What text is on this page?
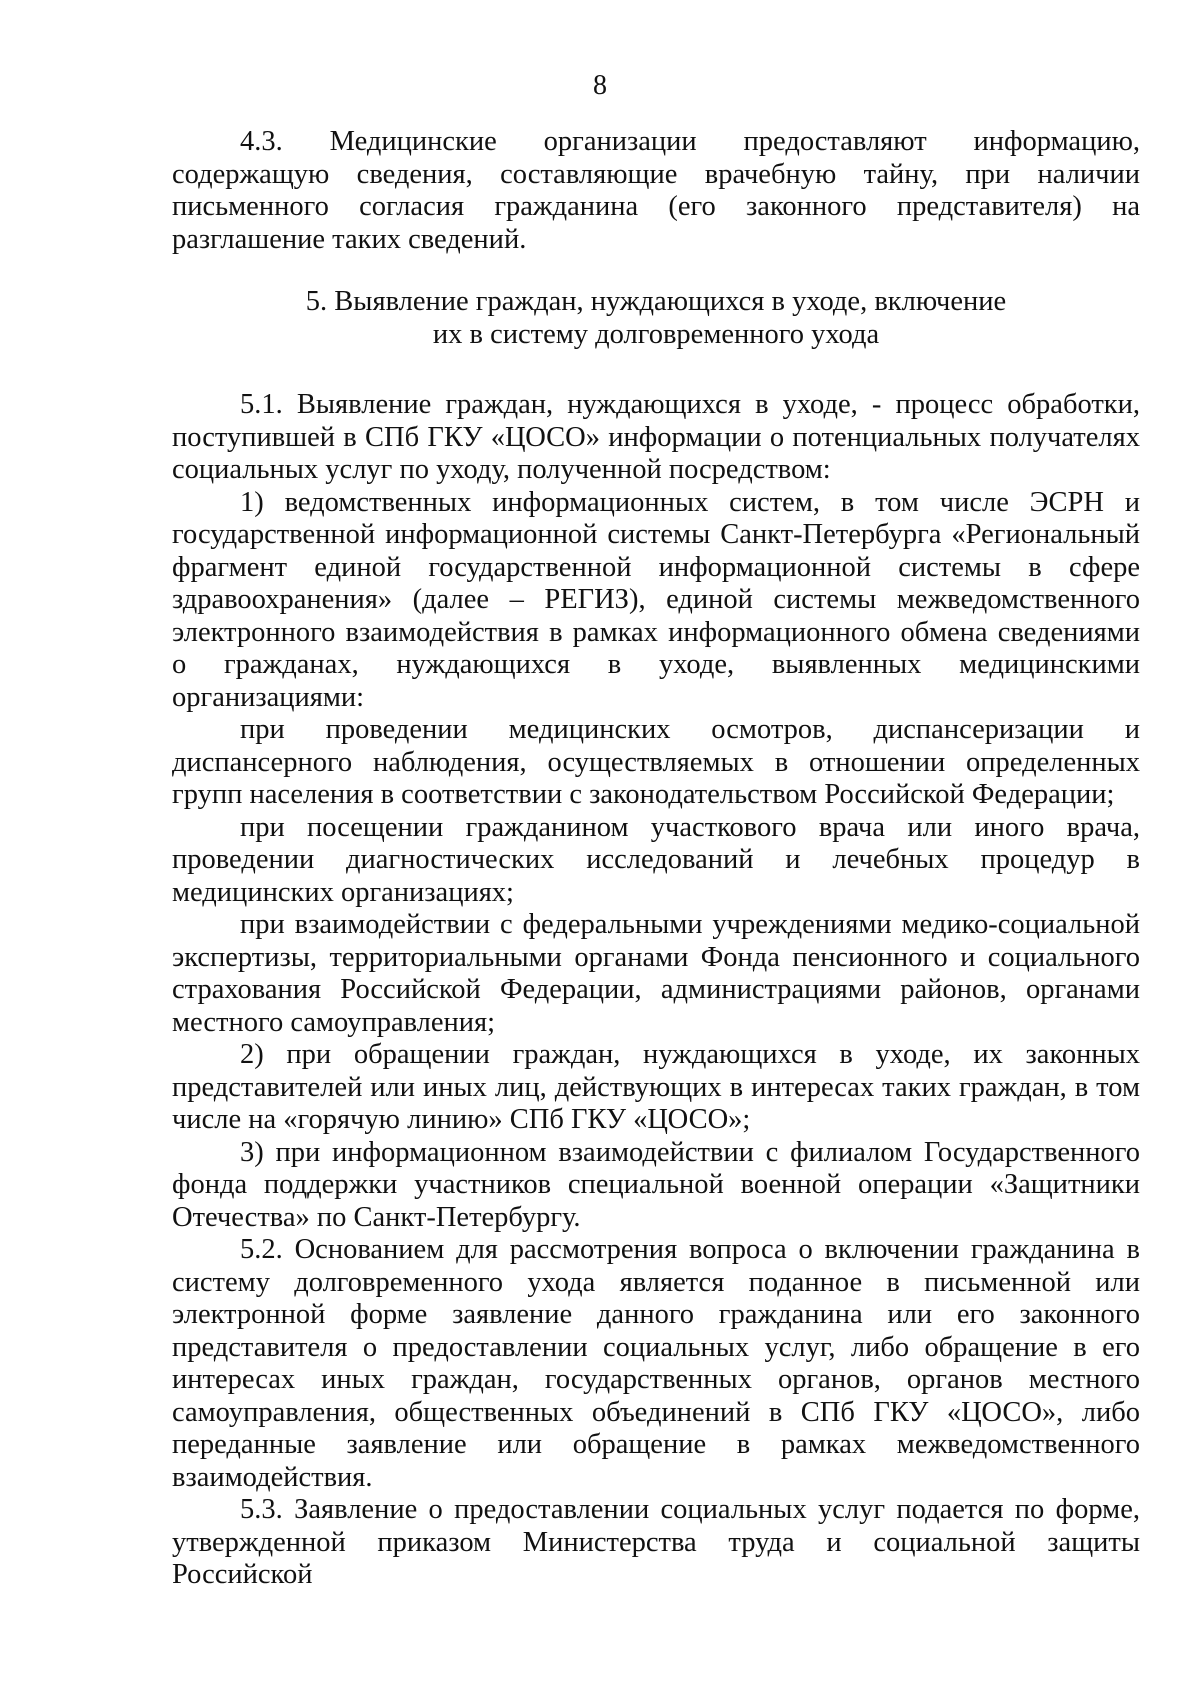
8

4.3. Медицинские организации предоставляют информацию, содержащую сведения, составляющие врачебную тайну, при наличии письменного согласия гражданина (его законного представителя) на разглашение таких сведений.

5. Выявление граждан, нуждающихся в уходе, включение
их в систему долговременного ухода

5.1. Выявление граждан, нуждающихся в уходе, - процесс обработки, поступившей в СПб ГКУ «ЦОСО» информации о потенциальных получателях социальных услуг по уходу, полученной посредством:

1) ведомственных информационных систем, в том числе ЭСРН и государственной информационной системы Санкт-Петербурга «Региональный фрагмент единой государственной информационной системы в сфере здравоохранения» (далее – РЕГИЗ), единой системы межведомственного электронного взаимодействия в рамках информационного обмена сведениями о гражданах, нуждающихся в уходе, выявленных медицинскими организациями:

при проведении медицинских осмотров, диспансеризации и диспансерного наблюдения, осуществляемых в отношении определенных групп населения в соответствии с законодательством Российской Федерации;

при посещении гражданином участкового врача или иного врача, проведении диагностических исследований и лечебных процедур в медицинских организациях;

при взаимодействии с федеральными учреждениями медико-социальной экспертизы, территориальными органами Фонда пенсионного и социального страхования Российской Федерации, администрациями районов, органами местного самоуправления;

2) при обращении граждан, нуждающихся в уходе, их законных представителей или иных лиц, действующих в интересах таких граждан, в том числе на «горячую линию» СПб ГКУ «ЦОСО»;

3) при информационном взаимодействии с филиалом Государственного фонда поддержки участников специальной военной операции «Защитники Отечества» по Санкт-Петербургу.

5.2. Основанием для рассмотрения вопроса о включении гражданина в систему долговременного ухода является поданное в письменной или электронной форме заявление данного гражданина или его законного представителя о предоставлении социальных услуг, либо обращение в его интересах иных граждан, государственных органов, органов местного самоуправления, общественных объединений в СПб ГКУ «ЦОСО», либо переданные заявление или обращение в рамках межведомственного взаимодействия.

5.3. Заявление о предоставлении социальных услуг подается по форме, утвержденной приказом Министерства труда и социальной защиты Российской
